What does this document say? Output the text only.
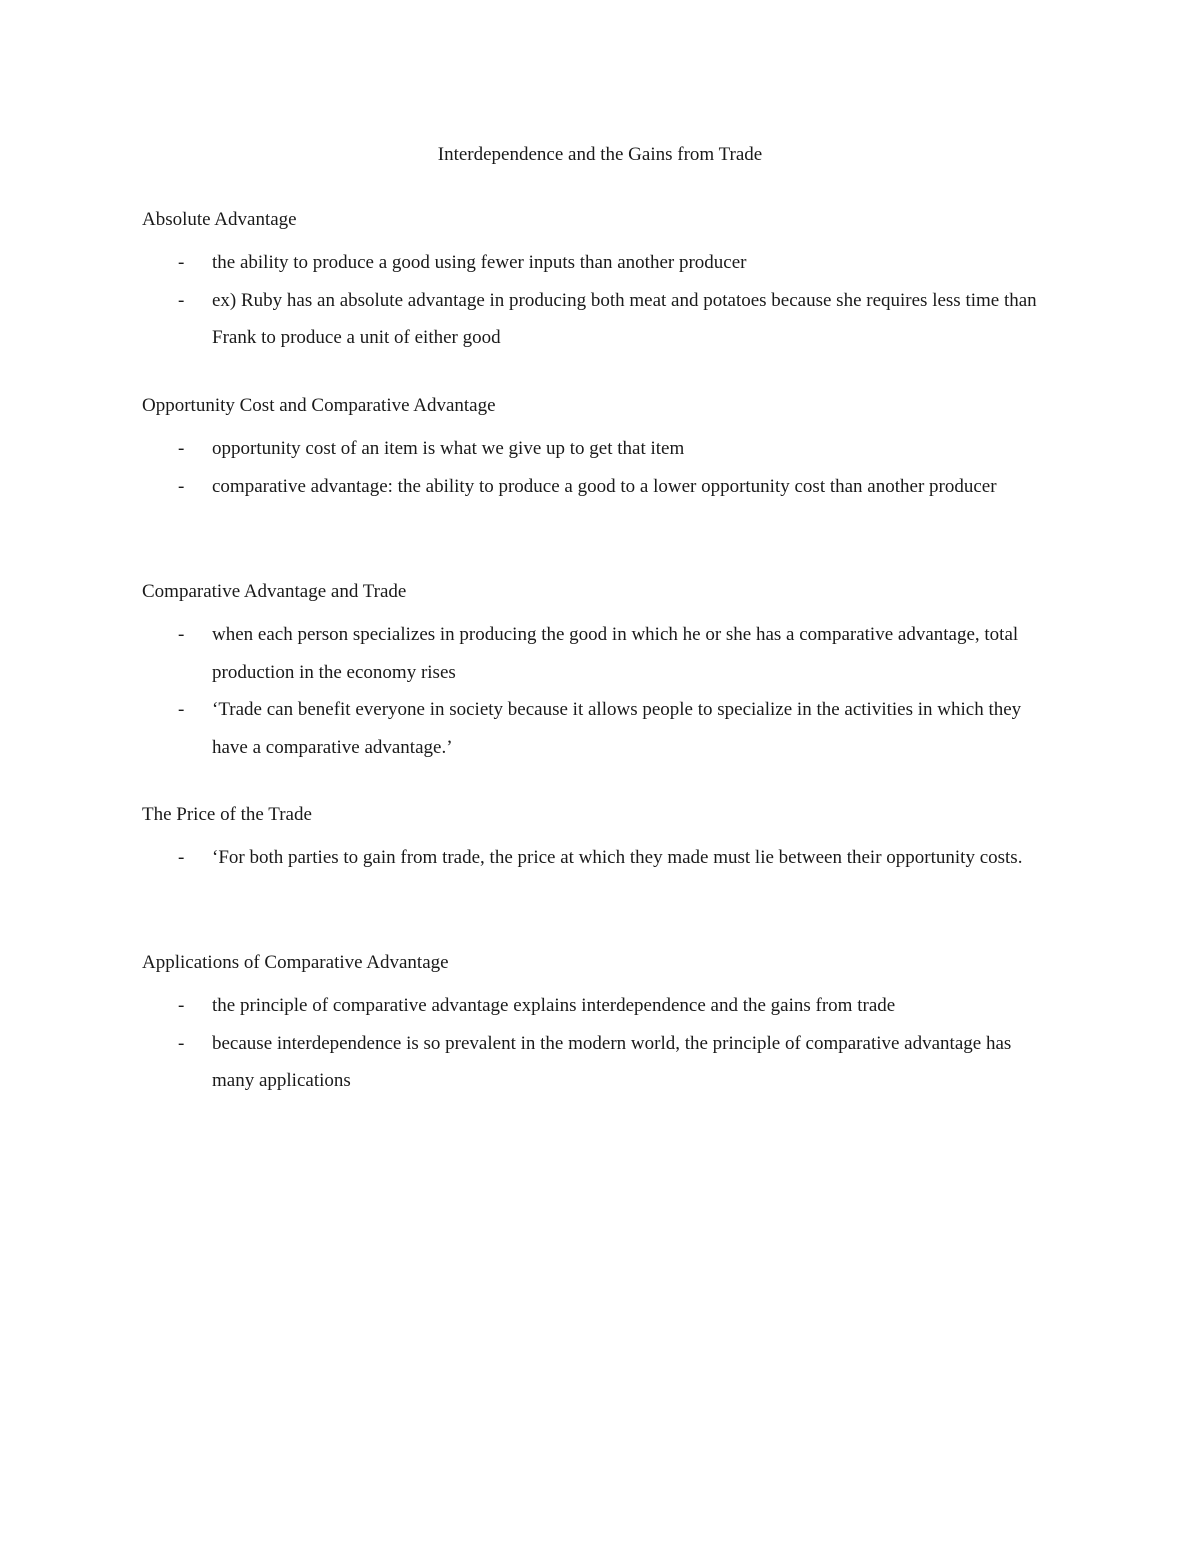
Interdependence and the Gains from Trade
Absolute Advantage
- the ability to produce a good using fewer inputs than another producer
- ex) Ruby has an absolute advantage in producing both meat and potatoes because she requires less time than Frank to produce a unit of either good
Opportunity Cost and Comparative Advantage
- opportunity cost of an item is what we give up to get that item
- comparative advantage: the ability to produce a good to a lower opportunity cost than another producer
Comparative Advantage and Trade
- when each person specializes in producing the good in which he or she has a comparative advantage, total production in the economy rises
- ‘Trade can benefit everyone in society because it allows people to specialize in the activities in which they have a comparative advantage.’
The Price of the Trade
- ‘For both parties to gain from trade, the price at which they made must lie between their opportunity costs.
Applications of Comparative Advantage
- the principle of comparative advantage explains interdependence and the gains from trade
- because interdependence is so prevalent in the modern world, the principle of comparative advantage has many applications
